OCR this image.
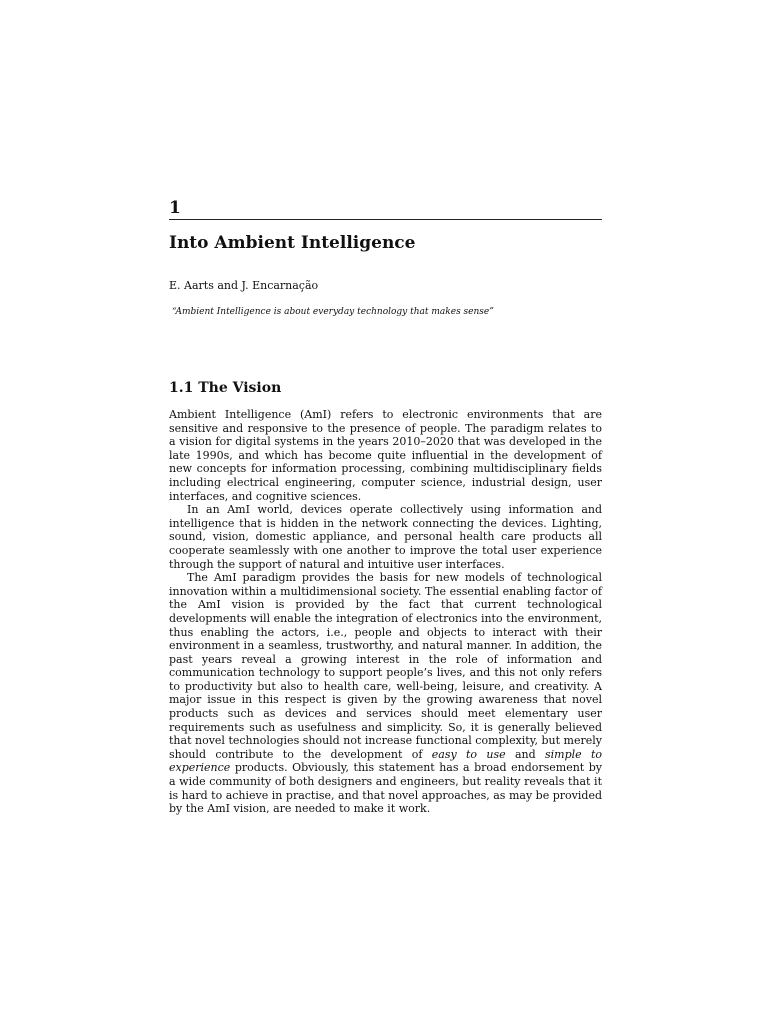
1
Into Ambient Intelligence
E. Aarts and J. Encarnação
“Ambient Intelligence is about everyday technology that makes sense”
1.1 The Vision

Ambient Intelligence (AmI) refers to electronic environments that are sensitive and responsive to the presence of people. The paradigm relates to a vision for digital systems in the years 2010–2020 that was developed in the late 1990s, and which has become quite influential in the development of new concepts for information processing, combining multidisciplinary fields including electrical engineering, computer science, industrial design, user interfaces, and cognitive sciences.

In an AmI world, devices operate collectively using information and intelligence that is hidden in the network connecting the devices. Lighting, sound, vision, domestic appliance, and personal health care products all cooperate seamlessly with one another to improve the total user experience through the support of natural and intuitive user interfaces.

The AmI paradigm provides the basis for new models of technological innovation within a multidimensional society. The essential enabling factor of the AmI vision is provided by the fact that current technological developments will enable the integration of electronics into the environment, thus enabling the actors, i.e., people and objects to interact with their environment in a seamless, trustworthy, and natural manner. In addition, the past years reveal a growing interest in the role of information and communication technology to support people’s lives, and this not only refers to productivity but also to health care, well-being, leisure, and creativity. A major issue in this respect is given by the growing awareness that novel products such as devices and services should meet elementary user requirements such as usefulness and simplicity. So, it is generally believed that novel technologies should not increase functional complexity, but merely should contribute to the development of easy to use and simple to experience products. Obviously, this statement has a broad endorsement by a wide community of both designers and engineers, but reality reveals that it is hard to achieve in practise, and that novel approaches, as may be provided by the AmI vision, are needed to make it work.
